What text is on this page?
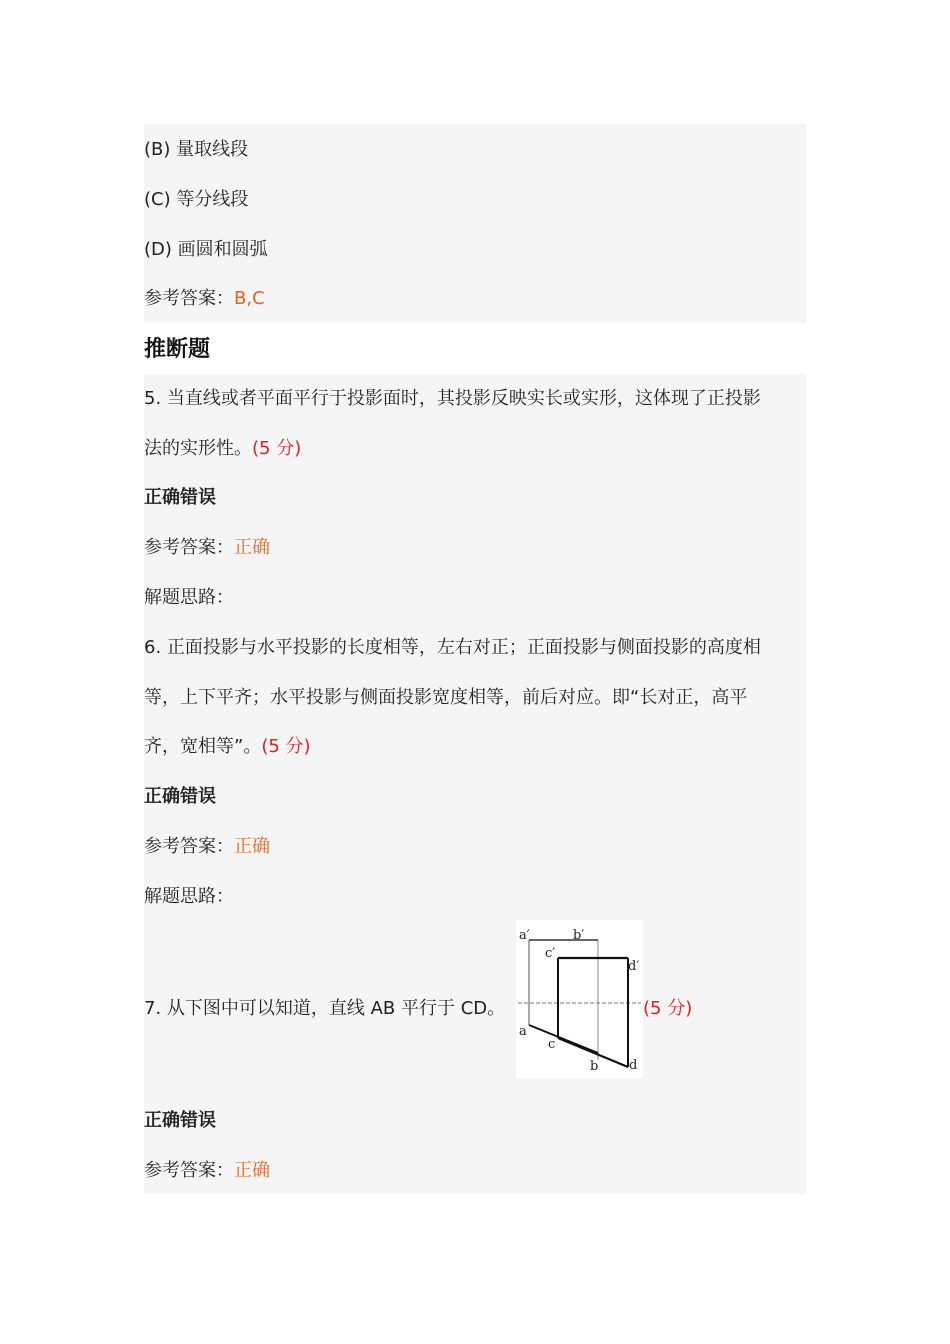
(B) 量取线段
(C) 等分线段
(D) 画圆和圆弧
参考答案：B,C
推断题
5. 当直线或者平面平行于投影面时，其投影反映实长或实形，这体现了正投影
法的实形性。(5 分)
正确错误
参考答案：正确
解题思路：
6. 正面投影与水平投影的长度相等，左右对正；正面投影与侧面投影的高度相
等，上下平齐；水平投影与侧面投影宽度相等，前后对应。即“长对正，高平
齐，宽相等”。(5 分)
正确错误
参考答案：正确
解题思路：
7. 从下图中可以知道，直线 AB 平行于 CD。
a′	b′
c′
d′
a
c
b d
(5 分)
正确错误
参考答案：正确
